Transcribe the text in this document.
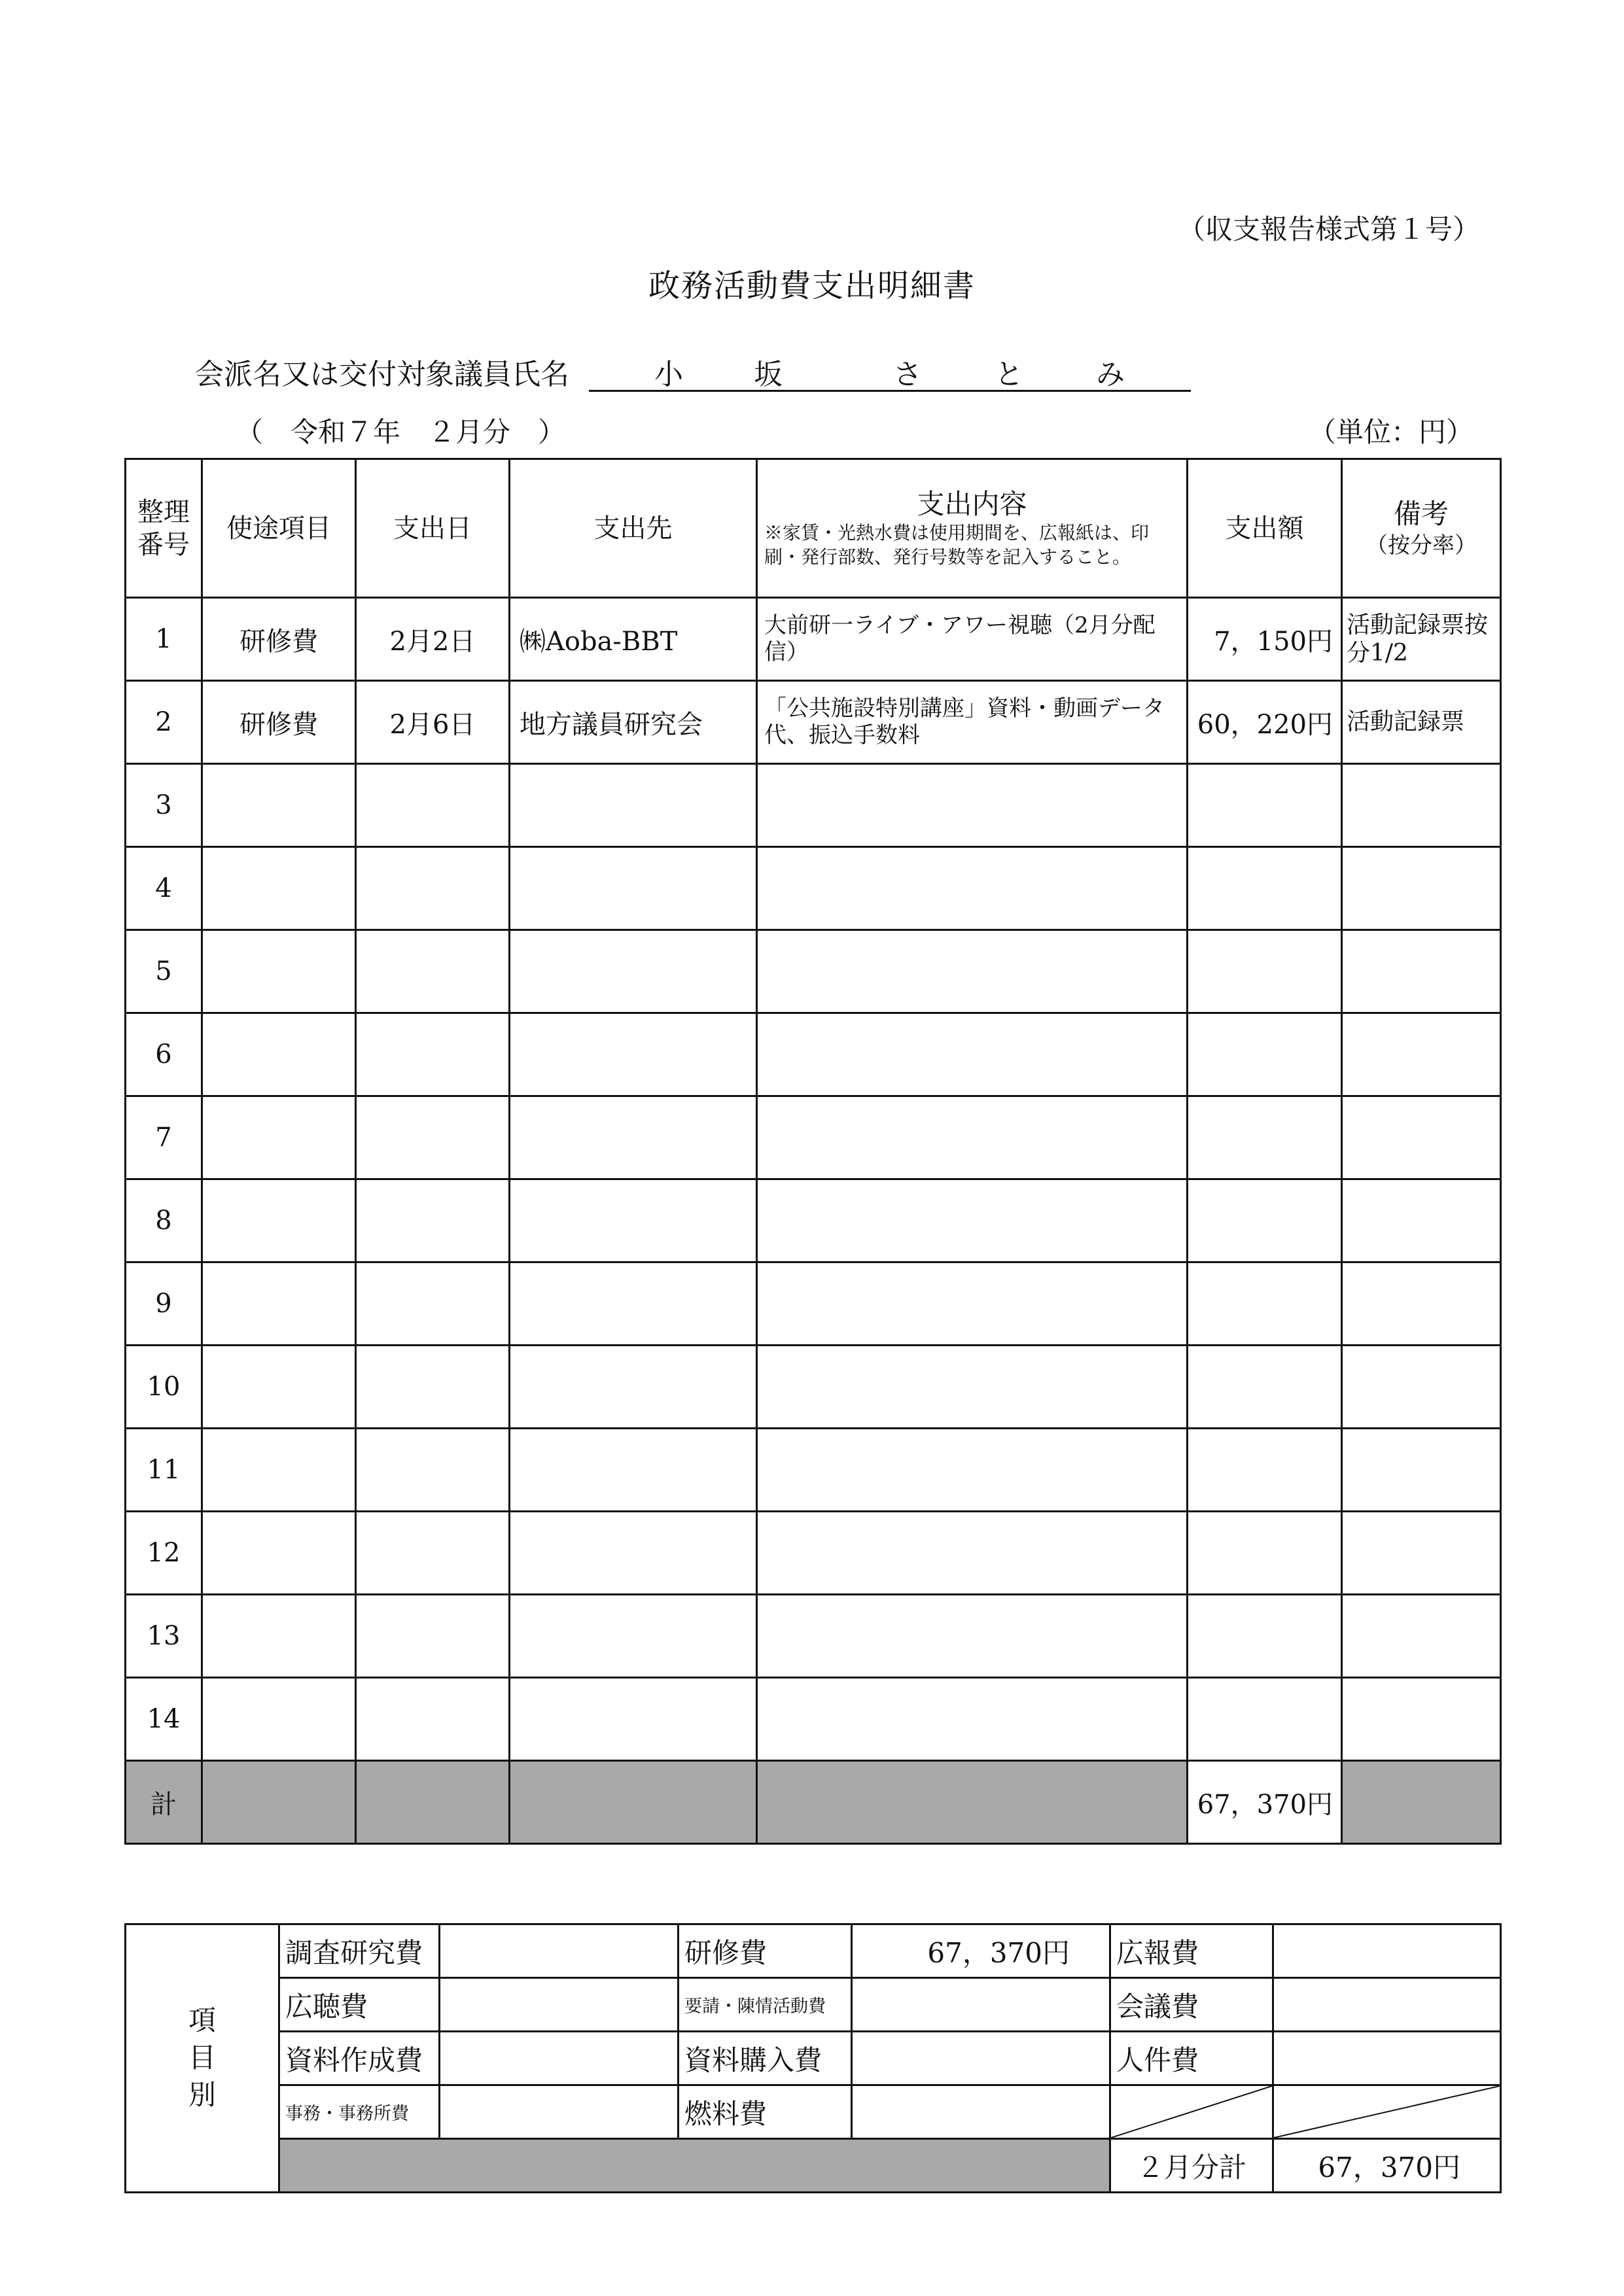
（収支報告様式第１号）
政務活動費支出明細書
会派名又は交付対象議員氏名	小 坂	さ	と	み
（　令和７年　２月分　）	（単位：円）
整理番号	使途項目	支出日	支出先	支出内容
※家賃・光熱水費は使用期間を、広報紙は、印刷・発行部数、発行号数等を記入すること。	支出額	備考
（按分率）

1	研修費	2月2日	㈱Aoba-BBT	大前研一ライブ・アワー視聴（2月分配信）	7，150円	活動記録票按分1/2
2	研修費	2月6日	地方議員研究会	「公共施設特別講座」資料・動画データ代、振込手数料	60，220円	活動記録票
3						
4						
5						
6						
7						
8						
9						
10						
11						
12						
13						
14						
計					67，370円	
項
目
別	調査研究費		研修費	67，370円	広報費	
	広聴費		要請・陳情活動費		会議費	
	資料作成費		資料購入費		人件費	
	事務・事務所費		燃料費		

					２月分計	67，370円
